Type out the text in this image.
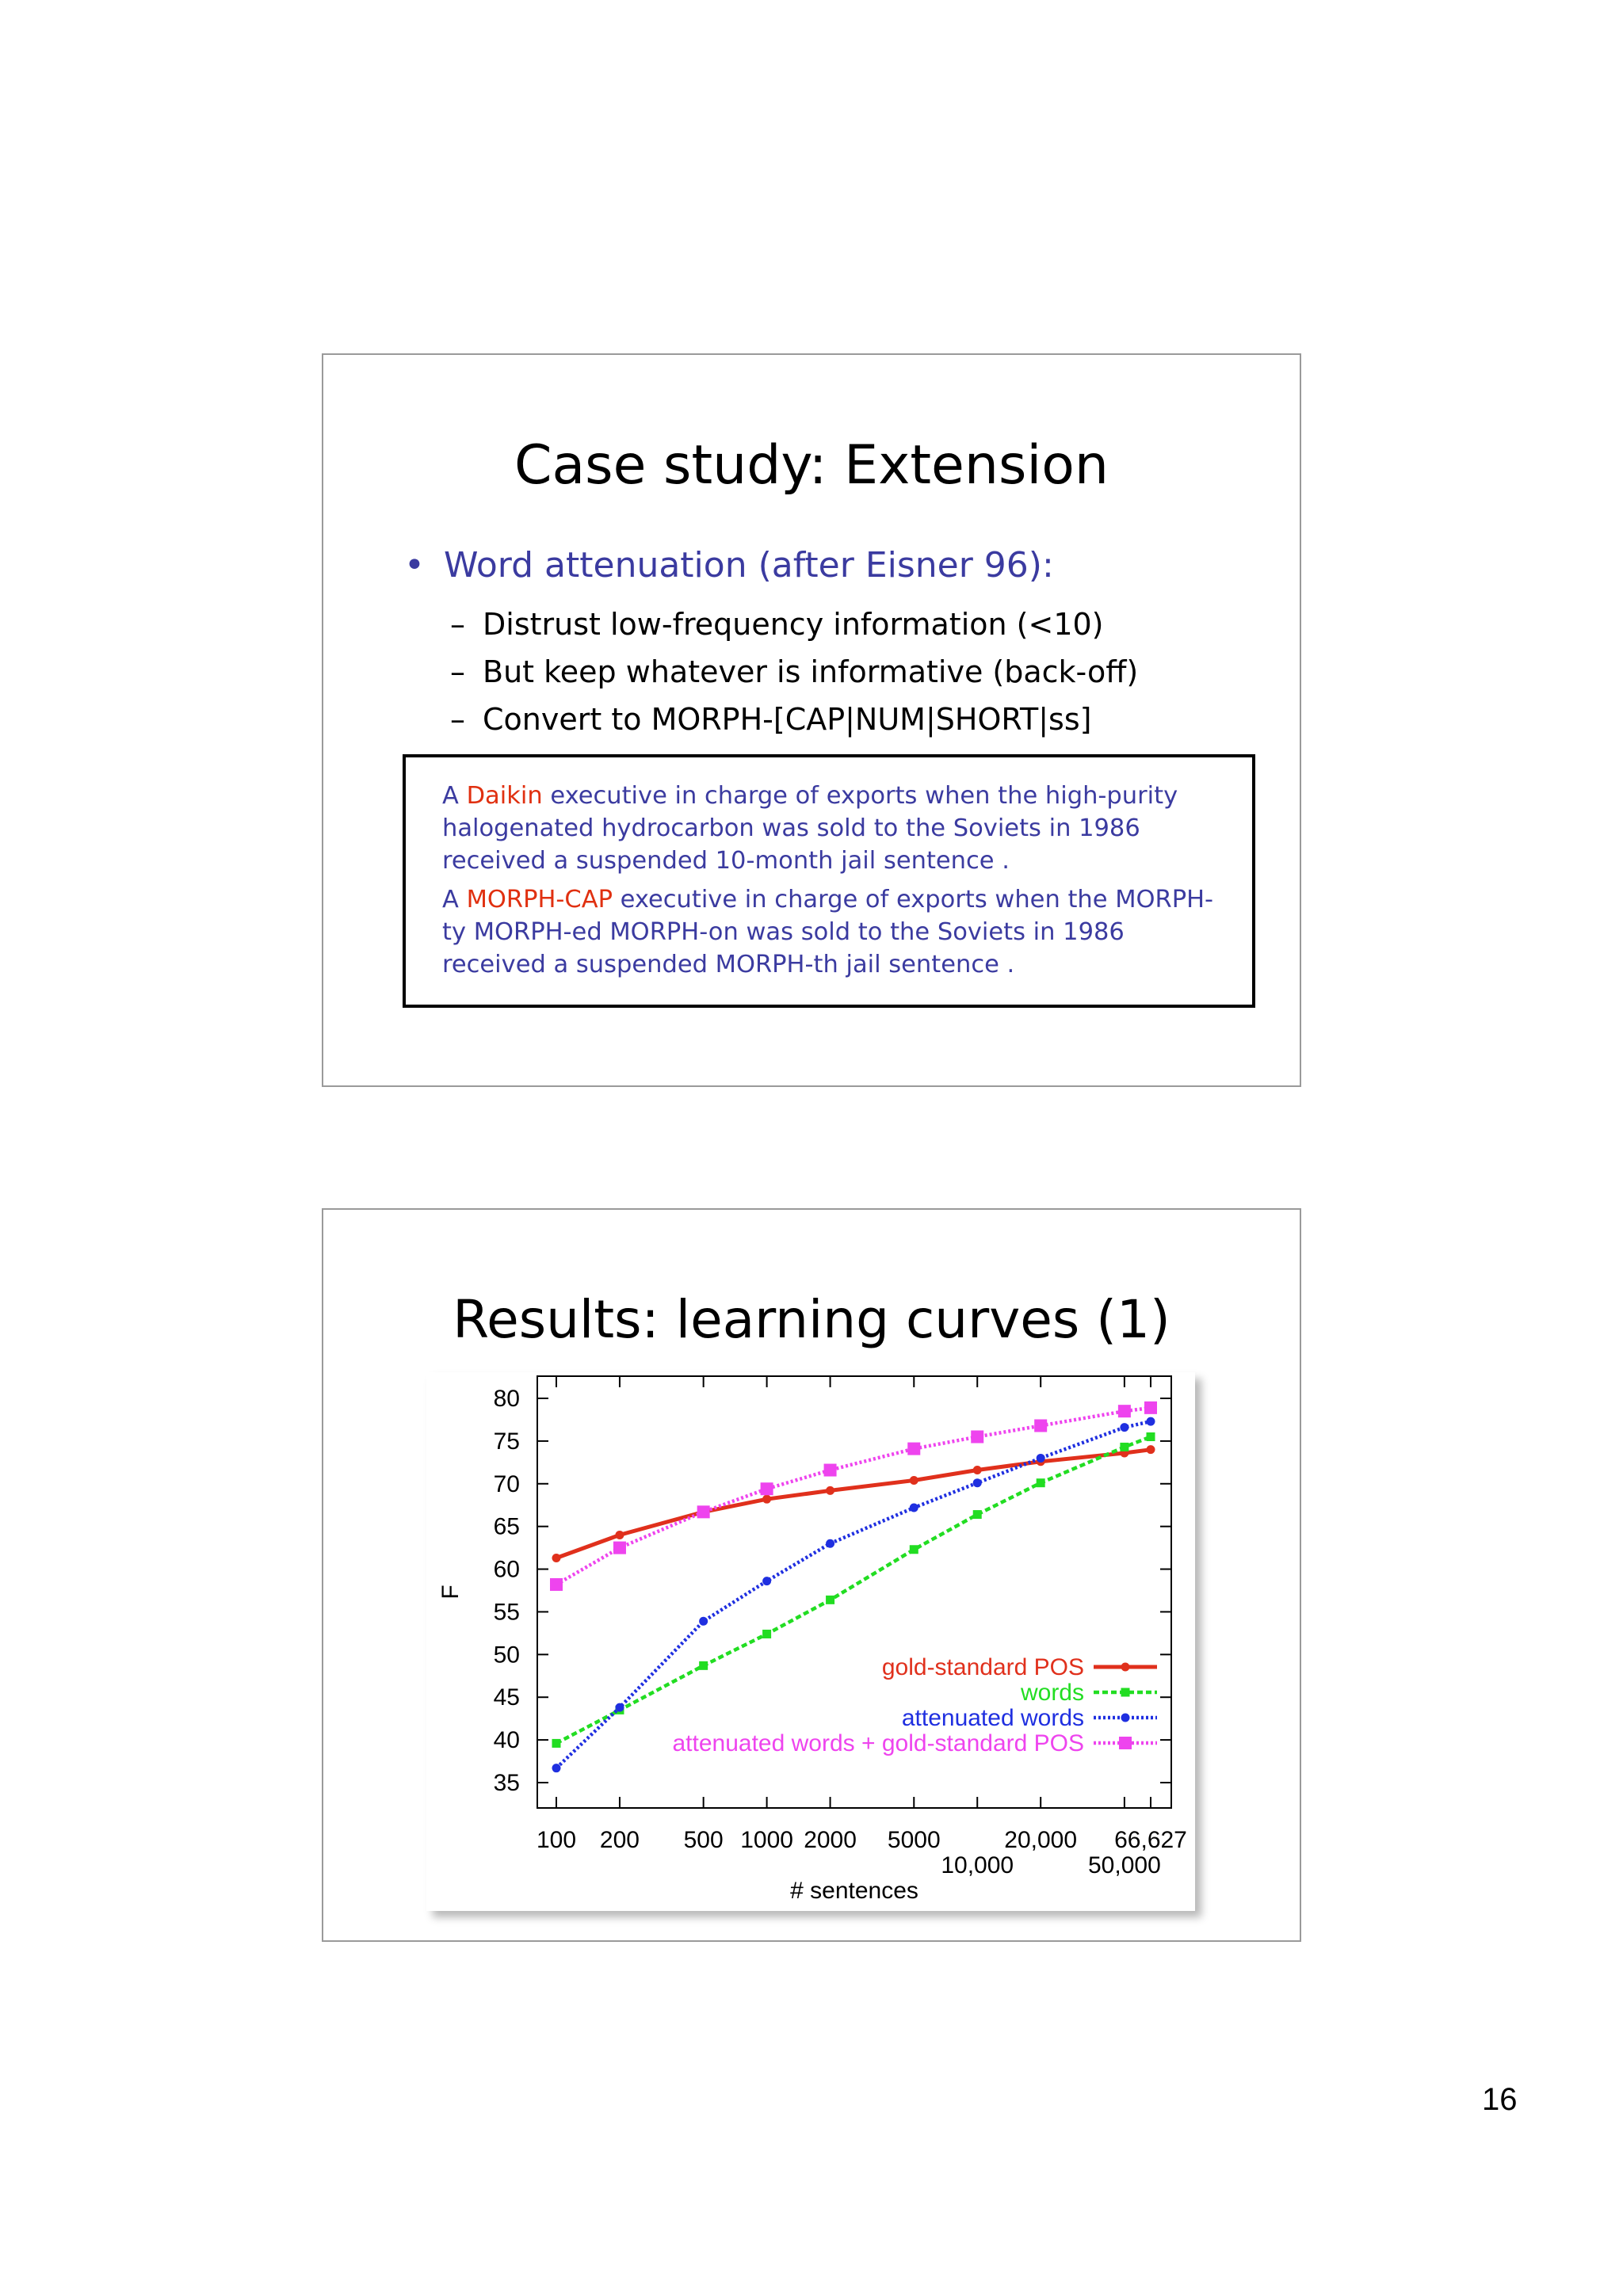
Case study: Extension
• Word attenuation (after Eisner 96):
– Distrust low-frequency information (<10)
– But keep whatever is informative (back-off)
– Convert to MORPH-[CAP|NUM|SHORT|ss]

A Daikin executive in charge of exports when the high-purity halogenated hydrocarbon was sold to the Soviets in 1986 received a suspended 10-month jail sentence .

A MORPH-CAP executive in charge of exports when the MORPH-ty MORPH-ed MORPH-on was sold to the Soviets in 1986 received a suspended MORPH-th jail sentence .

Results: learning curves (1)
35
40
45
50
55
60
65
70
75
80
100 200 500 1000 2000 5000
10,000
20,000
50,000
66,627
# sentences
F
gold-standard POS
words
attenuated words
attenuated words + gold-standard POS
16
